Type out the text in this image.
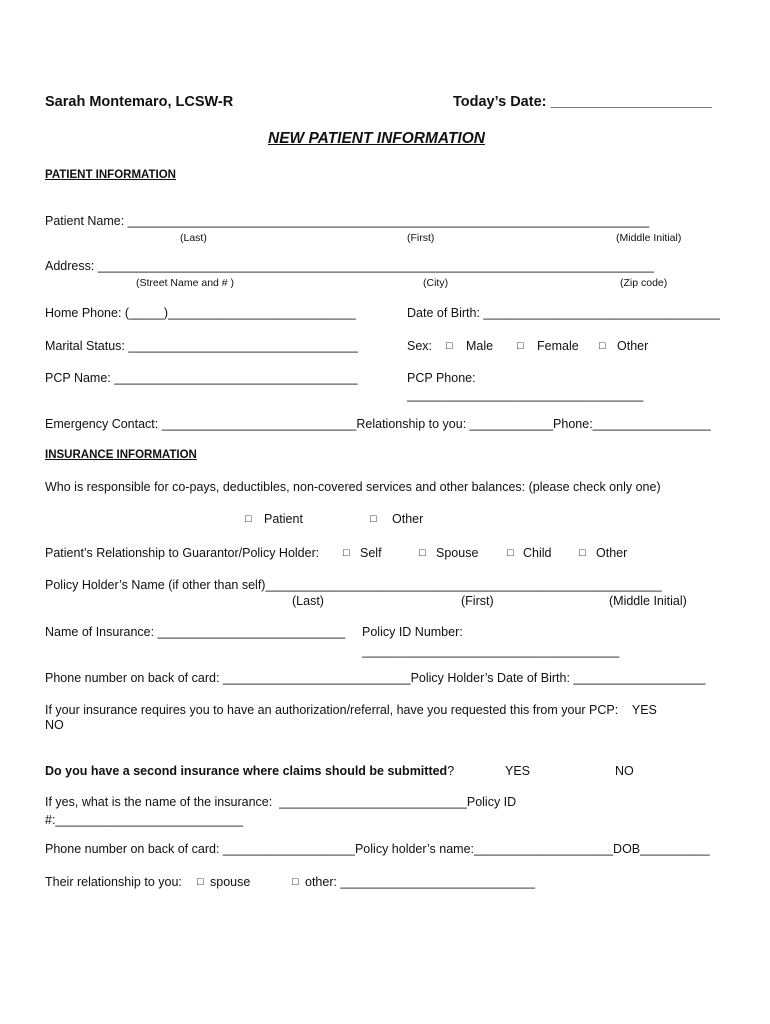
Sarah Montemaro, LCSW-R	Today’s Date: ____________________
NEW PATIENT INFORMATION
PATIENT INFORMATION
Patient Name: ___________________________________________________________________________
(Last)	(First)	(Middle Initial)
Address: ________________________________________________________________________________
(Street Name and # )	(City)	(Zip code)
Home Phone: (_____)___________________________	Date of Birth: __________________________________
Marital Status: _________________________________	Sex: □ Male □ Female □ Other
PCP Name: ___________________________________	PCP Phone:
__________________________________
Emergency Contact: ____________________________Relationship to you: ____________Phone:_________________
INSURANCE INFORMATION
Who is responsible for co-pays, deductibles, non-covered services and other balances: (please check only one)
□ Patient	□ Other
Patient’s Relationship to Guarantor/Policy Holder: □ Self	□ Spouse	□ Child	□ Other
Policy Holder’s Name (if other than self)_________________________________________________________
(Last)	(First)	(Middle Initial)
Name of Insurance: ___________________________ Policy ID Number:
_____________________________________
Phone number on back of card: ___________________________Policy Holder’s Date of Birth: ___________________
If your insurance requires you to have an authorization/referral, have you requested this from your PCP:    YES
NO
Do you have a second insurance where claims should be submitted?	YES	NO
If yes, what is the name of the insurance:  ___________________________Policy ID
#:___________________________
Phone number on back of card: ___________________Policy holder’s name:____________________DOB__________
Their relationship to you: □ spouse	□ other: ____________________________
